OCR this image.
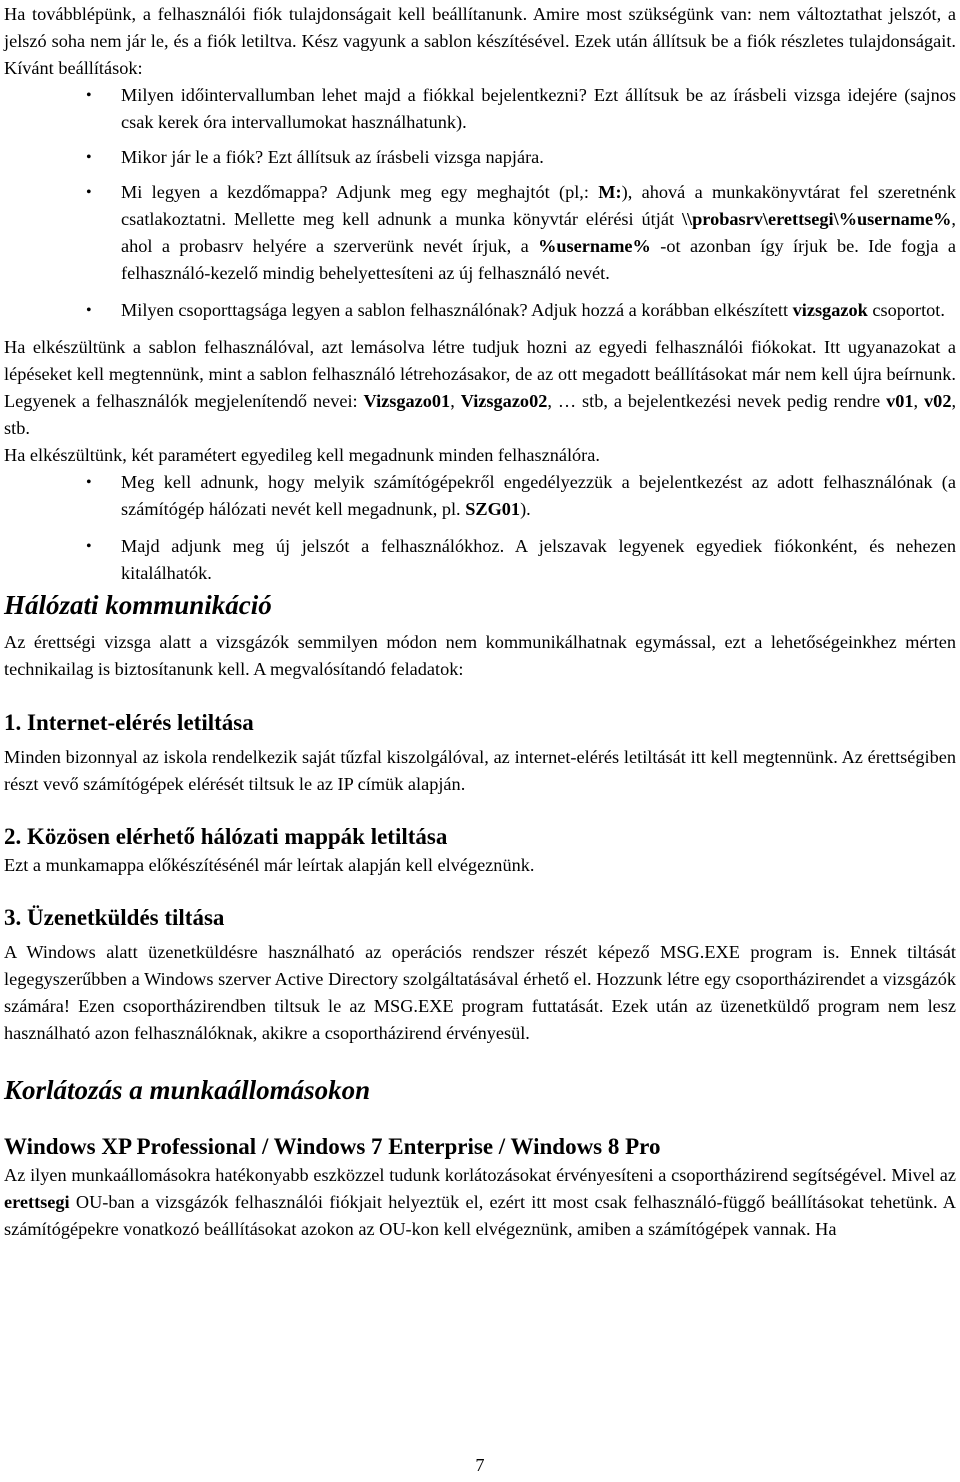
Ha továbblépünk, a felhasználói fiók tulajdonságait kell beállítanunk. Amire most szükségünk van: nem változtathat jelszót, a jelszó soha nem jár le, és a fiók letiltva. Kész vagyunk a sablon készítésével. Ezek után állítsuk be a fiók részletes tulajdonságait. Kívánt beállítások:

• Milyen időintervallumban lehet majd a fiókkal bejelentkezni? Ezt állítsuk be az írásbeli vizsga idejére (sajnos csak kerek óra intervallumokat használhatunk).
• Mikor jár le a fiók? Ezt állítsuk az írásbeli vizsga napjára.
• Mi legyen a kezdőmappa? Adjunk meg egy meghajtót (pl,: M:), ahová a munkakönyvtárat fel szeretnénk csatlakoztatni. Mellette meg kell adnunk a munka könyvtár elérési útját \\probasrv\erettsegi\%username%, ahol a probasrv helyére a szerverünk nevét írjuk, a %username% -ot azonban így írjuk be. Ide fogja a felhasználó-kezelő mindig behelyettesíteni az új felhasználó nevét.
• Milyen csoporttagsága legyen a sablon felhasználónak? Adjuk hozzá a korábban elkészített vizsgazok csoportot.

Ha elkészültünk a sablon felhasználóval, azt lemásolva létre tudjuk hozni az egyedi felhasználói fiókokat. Itt ugyanazokat a lépéseket kell megtennünk, mint a sablon felhasználó létrehozásakor, de az ott megadott beállításokat már nem kell újra beírnunk. Legyenek a felhasználók megjelenítendő nevei: Vizsgazo01, Vizsgazo02, … stb, a bejelentkezési nevek pedig rendre v01, v02, stb.

Ha elkészültünk, két paramétert egyedileg kell megadnunk minden felhasználóra.

• Meg kell adnunk, hogy melyik számítógépekről engedélyezzük a bejelentkezést az adott felhasználónak (a számítógép hálózati nevét kell megadnunk, pl. SZG01).
• Majd adjunk meg új jelszót a felhasználókhoz. A jelszavak legyenek egyediek fiókonként, és nehezen kitalálhatók.
Hálózati kommunikáció

Az érettségi vizsga alatt a vizsgázók semmilyen módon nem kommunikálhatnak egymással, ezt a lehetőségeinkhez mérten technikailag is biztosítanunk kell. A megvalósítandó feladatok:

1. Internet-elérés letiltása

Minden bizonnyal az iskola rendelkezik saját tűzfal kiszolgálóval, az internet-elérés letiltását itt kell megtennünk. Az érettségiben részt vevő számítógépek elérését tiltsuk le az IP címük alapján.

2. Közösen elérhető hálózati mappák letiltása

Ezt a munkamappa előkészítésénél már leírtak alapján kell elvégeznünk.

3. Üzenetküldés tiltása

A Windows alatt üzenetküldésre használható az operációs rendszer részét képező MSG.EXE program is. Ennek tiltását legegyszerűbben a Windows szerver Active Directory szolgáltatásával érhető el. Hozzunk létre egy csoportházirendet a vizsgázók számára! Ezen csoportházirendben tiltsuk le az MSG.EXE program futtatását. Ezek után az üzenetküldő program nem lesz használható azon felhasználóknak, akikre a csoportházirend érvényesül.

Korlátozás a munkaállomásokon
Windows XP Professional / Windows 7 Enterprise / Windows 8 Pro

Az ilyen munkaállomásokra hatékonyabb eszközzel tudunk korlátozásokat érvényesíteni a csoportházirend segítségével. Mivel az erettsegi OU-ban a vizsgázók felhasználói fiókjait helyeztük el, ezért itt most csak felhasználó-függő beállításokat tehetünk. A számítógépekre vonatkozó beállításokat azokon az OU-kon kell elvégeznünk, amiben a számítógépek vannak. Ha

7
